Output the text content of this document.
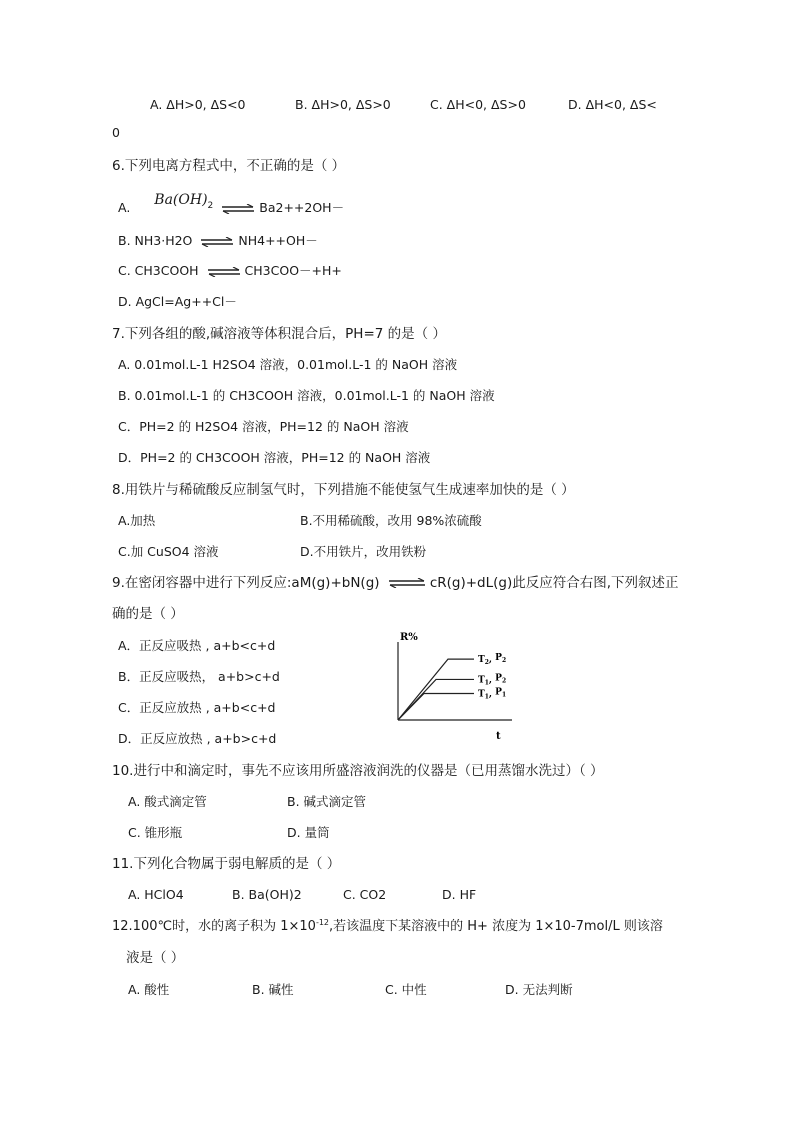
A. ΔH>0, ΔS<0	B. ΔH>0, ΔS>0	C. ΔH<0, ΔS>0	D. ΔH<0, ΔS<
0
6.下列电离方程式中，不正确的是（ ）
A. Ba(OH)$^2$ ⇌ Ba2++2OH－
B. NH3·H2O ⇌ NH4++OH－
C. CH3COOH ⇌ CH3COO－+H+
D. AgCl=Ag++Cl－
7.下列各组的酸,碱溶液等体积混合后，PH=7 的是（ ）
A. 0.01mol.L-1 H2SO4 溶液，0.01mol.L-1 的 NaOH 溶液
B. 0.01mol.L-1 的 CH3COOH 溶液，0.01mol.L-1 的 NaOH 溶液
C．PH=2 的 H2SO4 溶液，PH=12 的 NaOH 溶液
D．PH=2 的 CH3COOH 溶液，PH=12 的 NaOH 溶液
8.用铁片与稀硫酸反应制氢气时，下列措施不能使氢气生成速率加快的是（ ）
A.加热	B.不用稀硫酸，改用 98%浓硫酸
C.加 CuSO4 溶液	D.不用铁片，改用铁粉
9.在密闭容器中进行下列反应:aM(g)+bN(g) ⇌ cR(g)+dL(g)此反应符合右图,下列叙述正
确的是（ ）
A．正反应吸热 , a+b<c+d
B．正反应吸热， a+b>c+d
C．正反应放热 , a+b<c+d
D．正反应放热 , a+b>c+d
R%
t
$T_2$, $P_2$
$T_1$, $P_2$
$T_1$, $P_1$
10.进行中和滴定时，事先不应该用所盛溶液润洗的仪器是（已用蒸馏水洗过）（ ）
A. 酸式滴定管	B. 碱式滴定管
C. 锥形瓶	D. 量筒
11.下列化合物属于弱电解质的是（ ）
A. HClO4	B. Ba(OH)2	C. CO2	D. HF
12.100℃时，水的离子积为 $1\times 10^{-12}$,若该温度下某溶液中的 H+ 浓度为 1×10-7mol/L 则该溶
液是（ ）
A. 酸性	B. 碱性	C. 中性	D. 无法判断
